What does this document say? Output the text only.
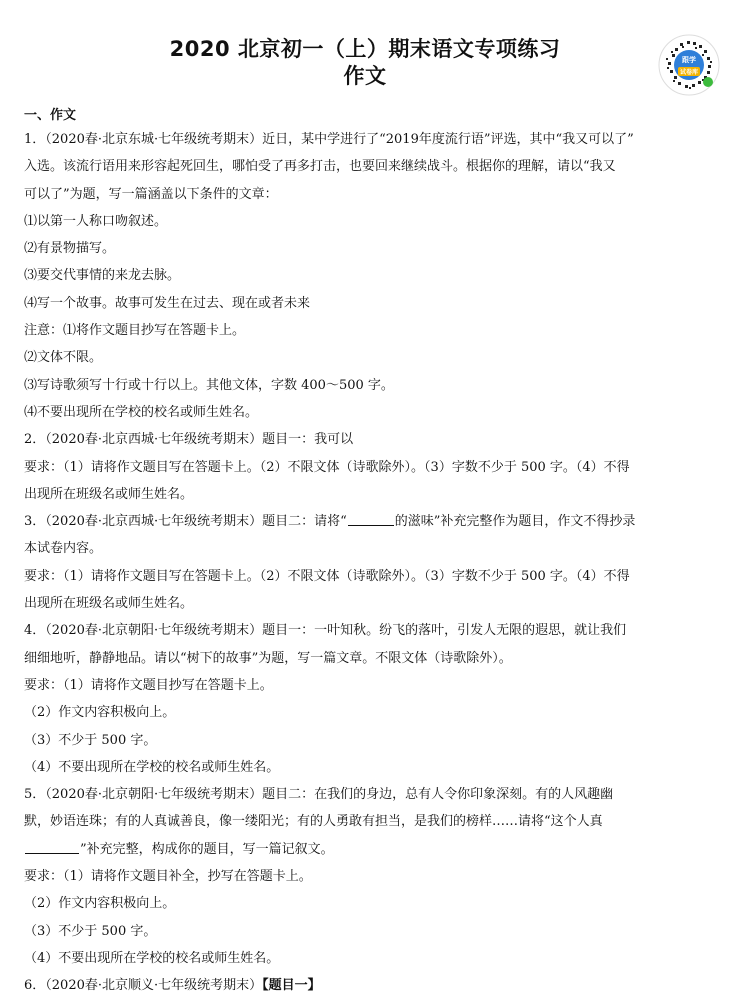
2020 北京初一（上）期末语文专项练习
作文
跟学
试卷库
一、作文
1．（2020春·北京东城·七年级统考期末）近日，某中学进行了“2019年度流行语”评选，其中“我又可以了”
入选。该流行语用来形容起死回生，哪怕受了再多打击，也要回来继续战斗。根据你的理解，请以“我又
可以了”为题，写一篇涵盖以下条件的文章：
⑴以第一人称口吻叙述。
⑵有景物描写。
⑶要交代事情的来龙去脉。
⑷写一个故事。故事可发生在过去、现在或者未来
注意：⑴将作文题目抄写在答题卡上。
⑵文体不限。
⑶写诗歌须写十行或十行以上。其他文体，字数 400～500 字。
⑷不要出现所在学校的校名或师生姓名。
2．（2020春·北京西城·七年级统考期末）题目一：我可以
要求：（1）请将作文题目写在答题卡上。（2）不限文体（诗歌除外）。（3）字数不少于 500 字。（4）不得
出现所在班级名或师生姓名。
3．（2020春·北京西城·七年级统考期末）题目二：请将“	的滋味”补充完整作为题目，作文不得抄录
本试卷内容。
要求：（1）请将作文题目写在答题卡上。（2）不限文体（诗歌除外）。（3）字数不少于 500 字。（4）不得
出现所在班级名或师生姓名。
4．（2020春·北京朝阳·七年级统考期末）题目一：一叶知秋。纷飞的落叶，引发人无限的遐思，就让我们
细细地听，静静地品。请以“树下的故事”为题，写一篇文章。不限文体（诗歌除外）。
要求：（1）请将作文题目抄写在答题卡上。
（2）作文内容积极向上。
（3）不少于 500 字。
（4）不要出现所在学校的校名或师生姓名。
5．（2020春·北京朝阳·七年级统考期末）题目二：在我们的身边，总有人令你印象深刻。有的人风趣幽
默，妙语连珠；有的人真诚善良，像一缕阳光；有的人勇敢有担当，是我们的榜样……请将“这个人真
”补充完整，构成你的题目，写一篇记叙文。
要求：（1）请将作文题目补全，抄写在答题卡上。
（2）作文内容积极向上。
（3）不少于 500 字。
（4）不要出现所在学校的校名或师生姓名。
6．（2020春·北京顺义·七年级统考期末）【题目一】
